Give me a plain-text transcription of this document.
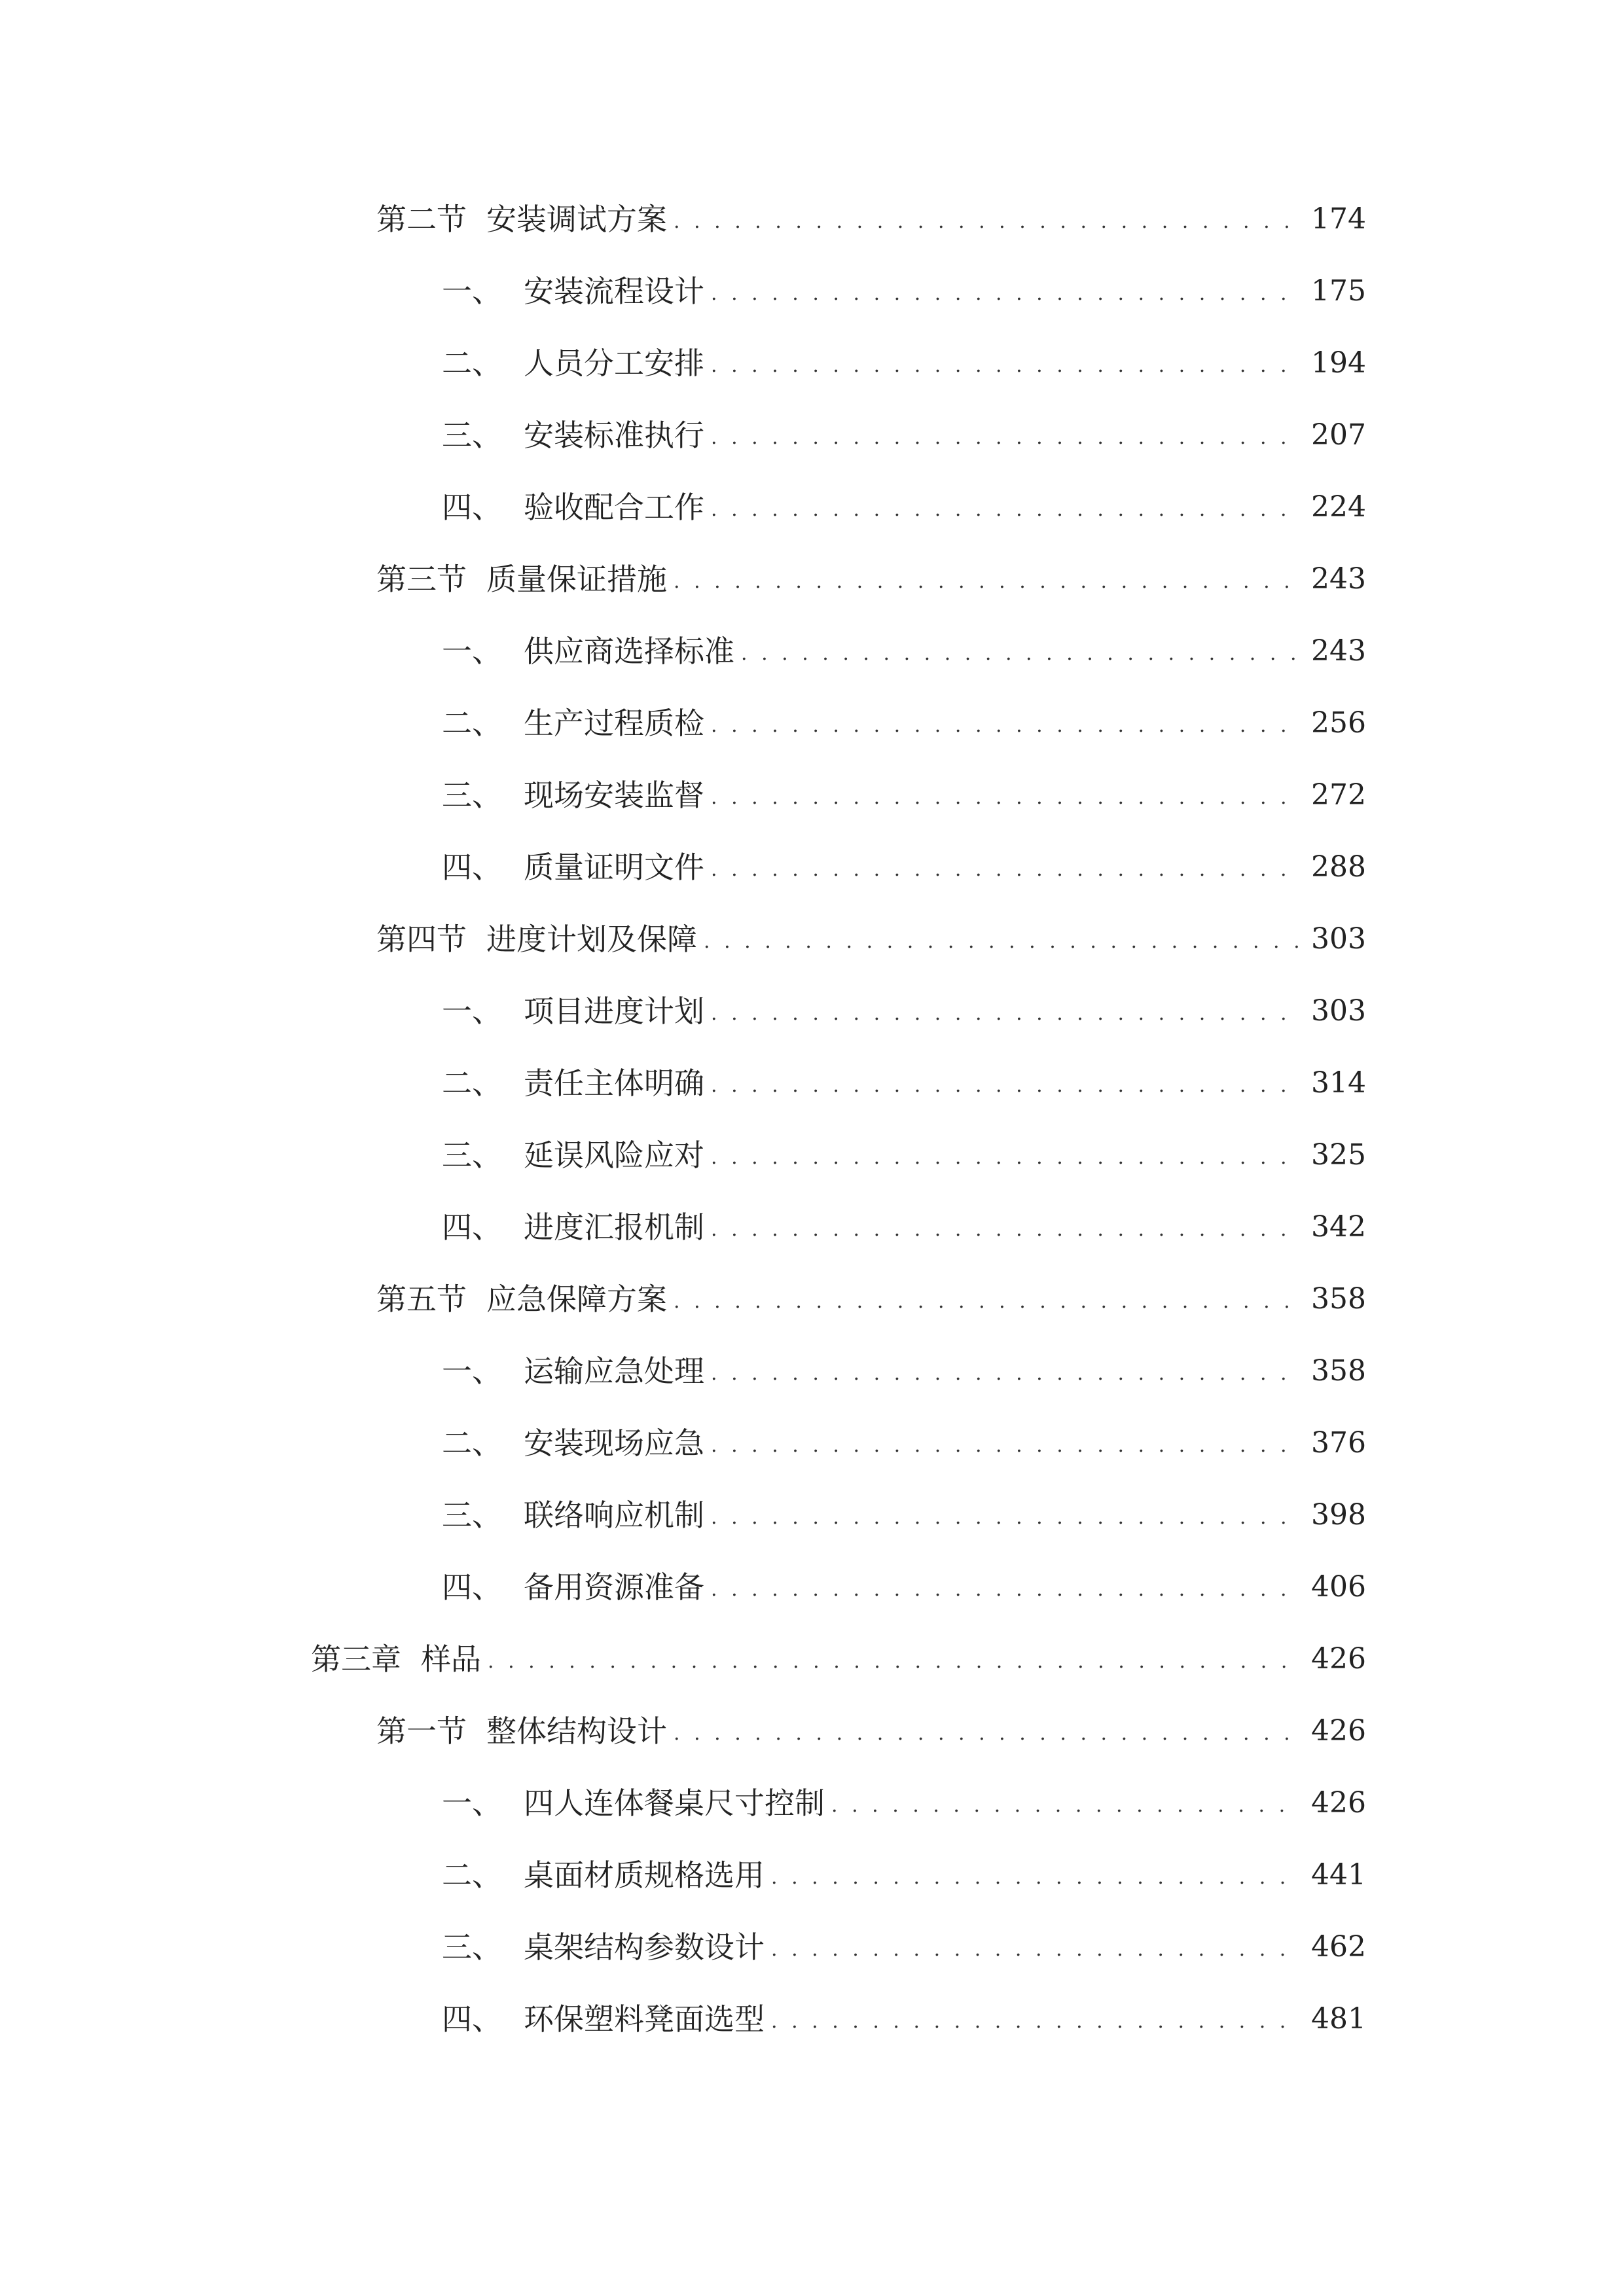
第二节 安装调试方案 . . .	174
一、 安装流程设计 . . .	175
二、 人员分工安排 . . .	194
三、 安装标准执行 . . .	207
四、 验收配合工作 . . .	224
第三节 质量保证措施 . . .	243
一、 供应商选择标准 . . .	243
二、 生产过程质检 . . .	256
三、 现场安装监督 . . .	272
四、 质量证明文件 . . .	288
第四节 进度计划及保障 . . .	303
一、 项目进度计划 . . .	303
二、 责任主体明确 . . .	314
三、 延误风险应对 . . .	325
四、 进度汇报机制 . . .	342
第五节 应急保障方案 . . .	358
一、 运输应急处理 . . .	358
二、 安装现场应急 . . .	376
三、 联络响应机制 . . .	398
四、 备用资源准备 . . .	406
第三章 样品 . . .	426
第一节 整体结构设计 . . .	426
一、 四人连体餐桌尺寸控制 . . .	426
二、 桌面材质规格选用 . . .	441
三、 桌架结构参数设计 . . .	462
四、 环保塑料凳面选型 . . .	481
